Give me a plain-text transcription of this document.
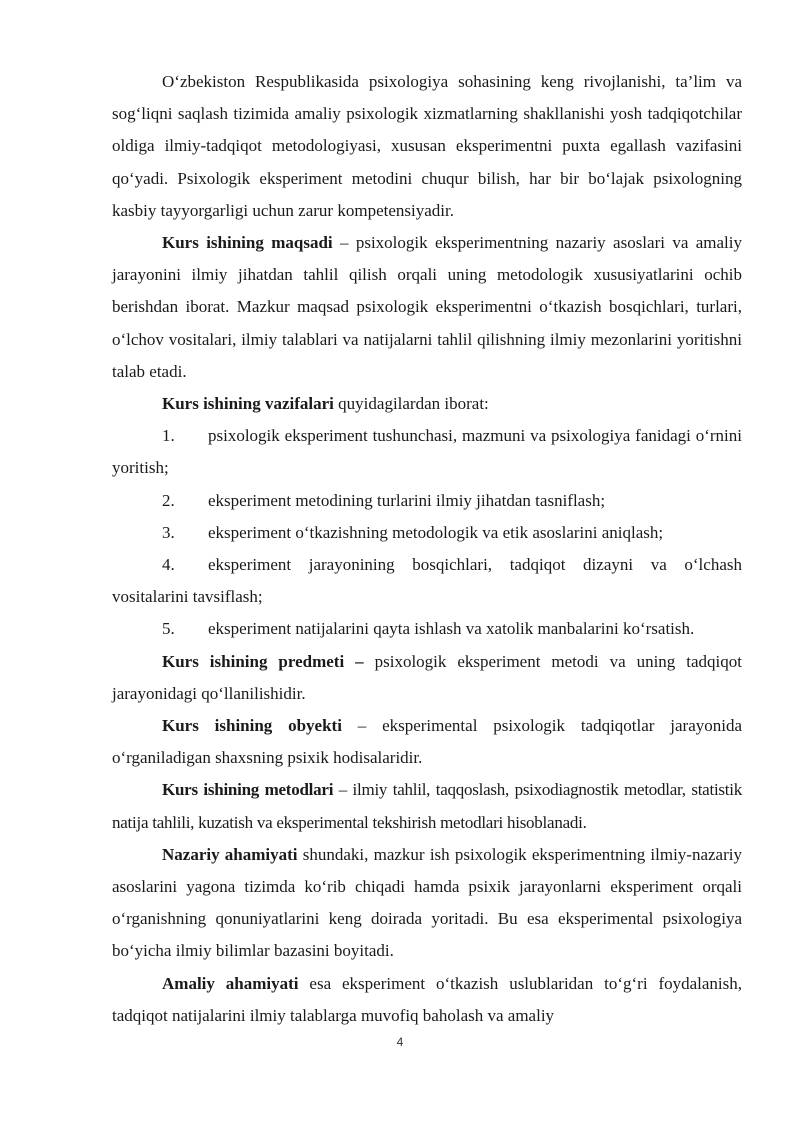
O‘zbekiston Respublikasida psixologiya sohasining keng rivojlanishi, ta’lim va sog‘liqni saqlash tizimida amaliy psixologik xizmatlarning shakllanishi yosh tadqiqotchilar oldiga ilmiy-tadqiqot metodologiyasi, xususan eksperimentni puxta egallash vazifasini qo‘yadi. Psixologik eksperiment metodini chuqur bilish, har bir bo‘lajak psixologning kasbiy tayyorgarligi uchun zarur kompetensiyadir.

Kurs ishining maqsadi – psixologik eksperimentning nazariy asoslari va amaliy jarayonini ilmiy jihatdan tahlil qilish orqali uning metodologik xususiyatlarini ochib berishdan iborat. Mazkur maqsad psixologik eksperimentni o‘tkazish bosqichlari, turlari, o‘lchov vositalari, ilmiy talablari va natijalarni tahlil qilishning ilmiy mezonlarini yoritishni talab etadi.

Kurs ishining vazifalari quyidagilardan iborat:

1. psixologik eksperiment tushunchasi, mazmuni va psixologiya fanidagi o‘rnini yoritish;

2. eksperiment metodining turlarini ilmiy jihatdan tasniflash;

3. eksperiment o‘tkazishning metodologik va etik asoslarini aniqlash;

4. eksperiment jarayonining bosqichlari, tadqiqot dizayni va o‘lchash vositalarini tavsiflash;

5. eksperiment natijalarini qayta ishlash va xatolik manbalarini ko‘rsatish.

Kurs ishining predmeti – psixologik eksperiment metodi va uning tadqiqot jarayonidagi qo‘llanilishidir.

Kurs ishining obyekti – eksperimental psixologik tadqiqotlar jarayonida o‘rganiladigan shaxsning psixik hodisalaridir.

Kurs ishining metodlari – ilmiy tahlil, taqqoslash, psixodiagnostik metodlar, statistik natija tahlili, kuzatish va eksperimental tekshirish metodlari hisoblanadi.

Nazariy ahamiyati shundaki, mazkur ish psixologik eksperimentning ilmiy-nazariy asoslarini yagona tizimda ko‘rib chiqadi hamda psixik jarayonlarni eksperiment orqali o‘rganishning qonuniyatlarini keng doirada yoritadi. Bu esa eksperimental psixologiya bo‘yicha ilmiy bilimlar bazasini boyitadi.

Amaliy ahamiyati esa eksperiment o‘tkazish uslublaridan to‘g‘ri foydalanish, tadqiqot natijalarini ilmiy talablarga muvofiq baholash va amaliy

4
